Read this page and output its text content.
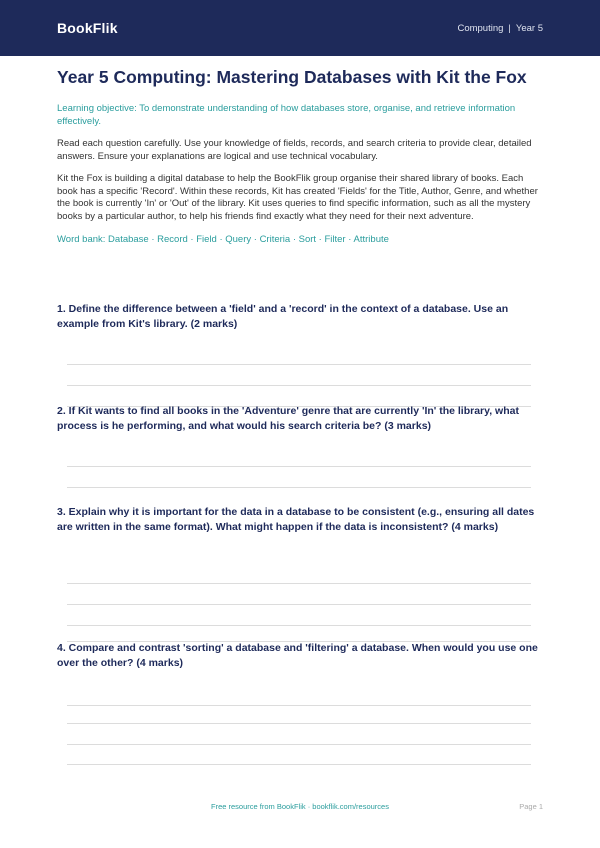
BookFlik	Computing | Year 5
Year 5 Computing: Mastering Databases with Kit the Fox
Learning objective: To demonstrate understanding of how databases store, organise, and retrieve information effectively.
Read each question carefully. Use your knowledge of fields, records, and search criteria to provide clear, detailed answers. Ensure your explanations are logical and use technical vocabulary.
Kit the Fox is building a digital database to help the BookFlik group organise their shared library of books. Each book has a specific 'Record'. Within these records, Kit has created 'Fields' for the Title, Author, Genre, and whether the book is currently 'In' or 'Out' of the library. Kit uses queries to find specific information, such as all the mystery books by a particular author, to help his friends find exactly what they need for their next adventure.
Word bank: Database · Record · Field · Query · Criteria · Sort · Filter · Attribute
1. Define the difference between a 'field' and a 'record' in the context of a database. Use an example from Kit's library. (2 marks)
2. If Kit wants to find all books in the 'Adventure' genre that are currently 'In' the library, what process is he performing, and what would his search criteria be? (3 marks)
3. Explain why it is important for the data in a database to be consistent (e.g., ensuring all dates are written in the same format). What might happen if the data is inconsistent? (4 marks)
4. Compare and contrast 'sorting' a database and 'filtering' a database. When would you use one over the other? (4 marks)
Free resource from BookFlik · bookflik.com/resources	Page 1
